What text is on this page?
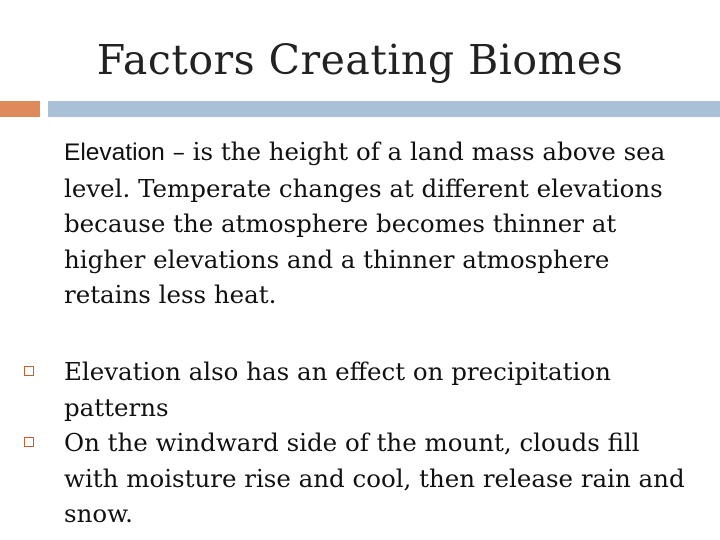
Factors Creating Biomes
Elevation – is the height of a land mass above sea level. Temperate changes at different elevations because the atmosphere becomes thinner at higher elevations and a thinner atmosphere retains less heat.
Elevation also has an effect on precipitation patterns
On the windward side of the mount, clouds fill with moisture rise and cool, then release rain and snow.
